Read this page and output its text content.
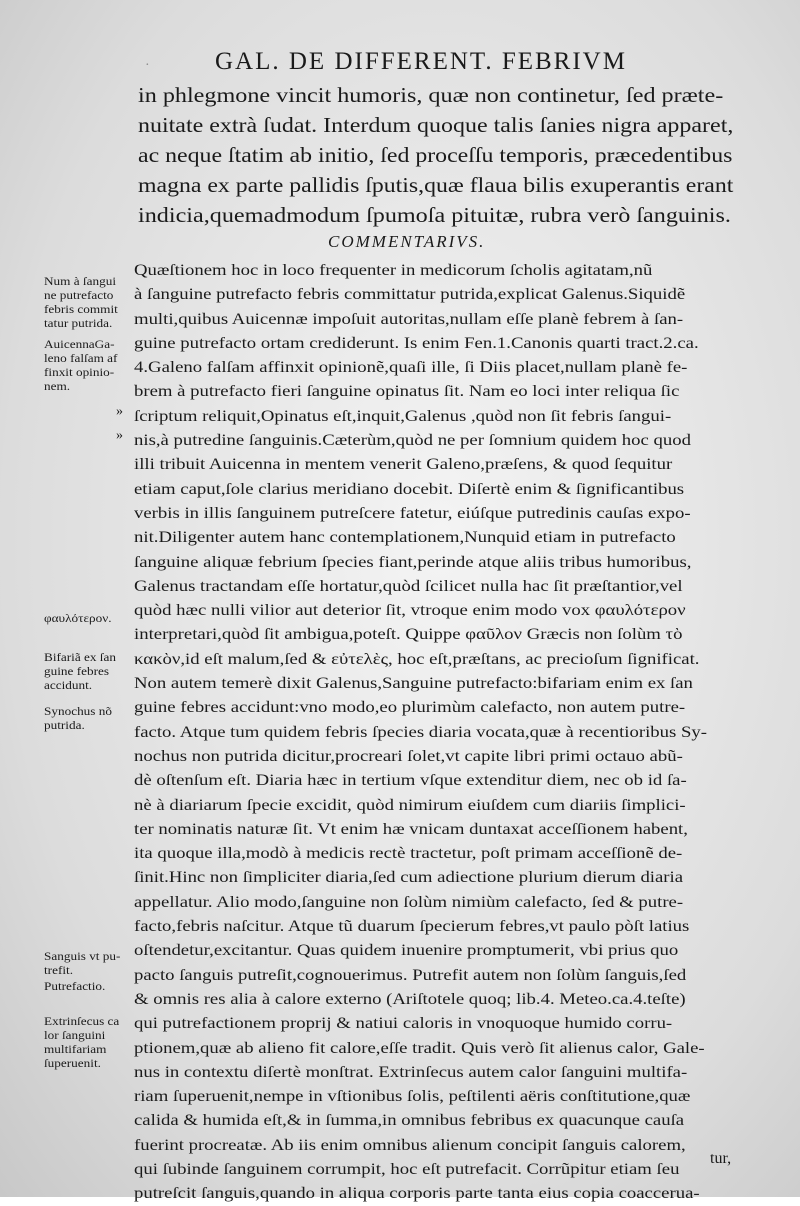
·	GAL. DE DIFFERENT. FEBRIVM
in phlegmone vincit humoris, quæ non continetur, ſed præte-
nuitate extrà ſudat. Interdum quoque talis ſanies nigra apparet,
ac neque ſtatim ab initio, ſed proceſſu temporis, præcedentibus
magna ex parte pallidis ſputis,quæ flaua bilis exuperantis erant
indicia,quemadmodum ſpumoſa pituitæ, rubra verò ſanguinis.
COMMENTARIVS.
Quæſtionem hoc in loco frequenter in medicorum ſcholis agitatam,nũ
à ſanguine putrefacto febris committatur putrida,explicat Galenus.Siquidẽ
multi,quibus Auicennæ impoſuit autoritas,nullam eſſe planè febrem à ſan-
guine putrefacto ortam crediderunt. Is enim Fen.1.Canonis quarti tract.2.ca.
4.Galeno falſam affinxit opinionẽ,quaſi ille, ſi Diis placet,nullam planè fe-
brem à putrefacto fieri ſanguine opinatus ſit. Nam eo loci inter reliqua ſic
ſcriptum reliquit,Opinatus eſt,inquit,Galenus ,quòd non ſit febris ſangui-
nis,à putredine ſanguinis.Cæterùm,quòd ne per ſomnium quidem hoc quod
illi tribuit Auicenna in mentem venerit Galeno,præſens, & quod ſequitur
etiam caput,ſole clarius meridiano docebit. Diſertè enim & ſignificantibus
verbis in illis ſanguinem putreſcere fatetur, eiúſque putredinis cauſas expo-
nit.Diligenter autem hanc contemplationem,Nunquid etiam in putrefacto
ſanguine aliquæ febrium ſpecies fiant,perinde atque aliis tribus humoribus,
Galenus tractandam eſſe hortatur,quòd ſcilicet nulla hac ſit præſtantior,vel
quòd hæc nulli vilior aut deterior ſit, vtroque enim modo vox φαυλότερον
interpretari,quòd ſit ambigua,poteſt. Quippe φαῦλον Græcis non ſolùm τὸ
κακὸν,id eſt malum,ſed & εὐτελὲς, hoc eſt,præſtans, ac precioſum ſignificat.
Non autem temerè dixit Galenus,Sanguine putrefacto:bifariam enim ex ſan
guine febres accidunt:vno modo,eo plurimùm calefacto, non autem putre-
facto. Atque tum quidem febris ſpecies diaria vocata,quæ à recentioribus Sy-
nochus non putrida dicitur,procreari ſolet,vt capite libri primi octauo abũ-
dè oſtenſum eſt. Diaria hæc in tertium vſque extenditur diem, nec ob id ſa-
nè à diariarum ſpecie excidit, quòd nimirum eiuſdem cum diariis ſimplici-
ter nominatis naturæ ſit. Vt enim hæ vnicam duntaxat acceſſionem habent,
ita quoque illa,modò à medicis rectè tractetur, poſt primam acceſſionẽ de-
ſinit.Hinc non ſimpliciter diaria,ſed cum adiectione plurium dierum diaria
appellatur. Alio modo,ſanguine non ſolùm nimiùm calefacto, ſed & putre-
facto,febris naſcitur. Atque tũ duarum ſpecierum febres,vt paulo pòſt latius
oſtendetur,excitantur. Quas quidem inuenire promptumerit, vbi prius quo
pacto ſanguis putreſit,cognouerimus. Putrefit autem non ſolùm ſanguis,ſed
& omnis res alia à calore externo (Ariſtotele quoq; lib.4. Meteo.ca.4.teſte)
qui putrefactionem proprij & natiui caloris in vnoquoque humido corru-
ptionem,quæ ab alieno fit calore,eſſe tradit. Quis verò ſit alienus calor, Gale-
nus in contextu diſertè monſtrat. Extrinſecus autem calor ſanguini multifa-
riam ſuperuenit,nempe in vſtionibus ſolis, peſtilenti aëris conſtitutione,quæ
calida & humida eſt,& in ſumma,in omnibus febribus ex quacunque cauſa
fuerint procreatæ. Ab iis enim omnibus alienum concipit ſanguis calorem,
qui ſubinde ſanguinem corrumpit, hoc eſt putrefacit. Corrũpitur etiam ſeu
putreſcit ſanguis,quando in aliqua corporis parte tanta eius copia coaccerua-
tur,
Num à ſangui
ne putrefacto
febris commit
tatur putrida.
AuicennaGa-
leno falſam af
finxit opinio-
nem.
φαυλότερον.
Bifariã ex ſan
guine febres
accidunt.
Synochus nõ
putrida.
Sanguis vt pu-
trefit.
Putrefactio.
Extrinſecus ca
lor ſanguini
multifariam
ſuperuenit.
»
»
